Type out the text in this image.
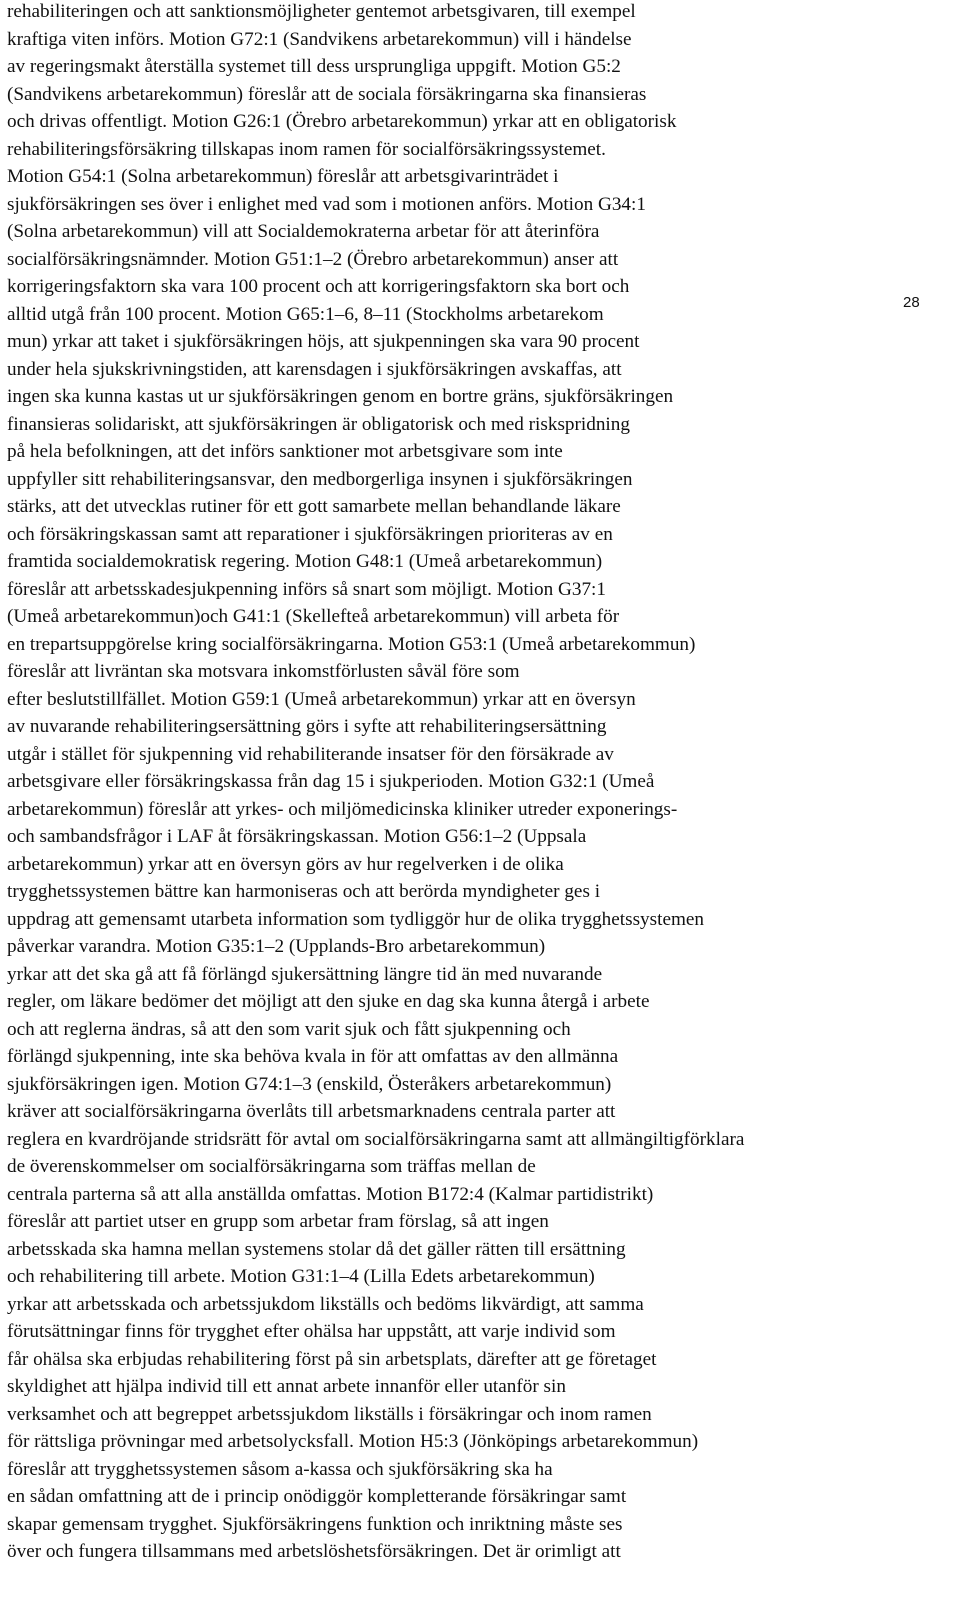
rehabiliteringen och att sanktionsmöjligheter gentemot arbetsgivaren, till exempel
kraftiga viten införs. Motion G72:1 (Sandvikens arbetarekommun) vill i händelse
av regeringsmakt återställa systemet till dess ursprungliga uppgift. Motion G5:2
(Sandvikens arbetarekommun) föreslår att de sociala försäkringarna ska finansieras
och drivas offentligt. Motion G26:1 (Örebro arbetarekommun) yrkar att en obligatorisk
rehabiliteringsförsäkring tillskapas inom ramen för socialförsäkringssystemet.
Motion G54:1 (Solna arbetarekommun) föreslår att arbetsgivarinträdet i
sjukförsäkringen ses över i enlighet med vad som i motionen anförs. Motion G34:1
(Solna arbetarekommun) vill att Socialdemokraterna arbetar för att återinföra
socialförsäkringsnämnder. Motion G51:1–2 (Örebro arbetarekommun) anser att
korrigeringsfaktorn ska vara 100 procent och att korrigeringsfaktorn ska bort och
alltid utgå från 100 procent. Motion G65:1–6, 8–11 (Stockholms arbetarekom
mun) yrkar att taket i sjukförsäkringen höjs, att sjukpenningen ska vara 90 procent
under hela sjukskrivningstiden, att karensdagen i sjukförsäkringen avskaffas, att
ingen ska kunna kastas ut ur sjukförsäkringen genom en bortre gräns, sjukförsäkringen
finansieras solidariskt, att sjukförsäkringen är obligatorisk och med riskspridning
på hela befolkningen, att det införs sanktioner mot arbetsgivare som inte
uppfyller sitt rehabiliteringsansvar, den medborgerliga insynen i sjukförsäkringen
stärks, att det utvecklas rutiner för ett gott samarbete mellan behandlande läkare
och försäkringskassan samt att reparationer i sjukförsäkringen prioriteras av en
framtida socialdemokratisk regering. Motion G48:1 (Umeå arbetarekommun)
föreslår att arbetsskadesjukpenning införs så snart som möjligt. Motion G37:1
(Umeå arbetarekommun)och G41:1 (Skellefteå arbetarekommun) vill arbeta för
en trepartsuppgörelse kring socialförsäkringarna. Motion G53:1 (Umeå arbetarekommun)
föreslår att livräntan ska motsvara inkomstförlusten såväl före som
efter beslutstillfället. Motion G59:1 (Umeå arbetarekommun) yrkar att en översyn
av nuvarande rehabiliteringsersättning görs i syfte att rehabiliteringsersättning
utgår i stället för sjukpenning vid rehabiliterande insatser för den försäkrade av
arbetsgivare eller försäkringskassa från dag 15 i sjukperioden. Motion G32:1 (Umeå
arbetarekommun) föreslår att yrkes- och miljömedicinska kliniker utreder exponerings-
och sambandsfrågor i LAF åt försäkringskassan. Motion G56:1–2 (Uppsala
arbetarekommun) yrkar att en översyn görs av hur regelverken i de olika
trygghetssystemen bättre kan harmoniseras och att berörda myndigheter ges i
uppdrag att gemensamt utarbeta information som tydliggör hur de olika trygghetssystemen
påverkar varandra. Motion G35:1–2 (Upplands-Bro arbetarekommun)
yrkar att det ska gå att få förlängd sjukersättning längre tid än med nuvarande
regler, om läkare bedömer det möjligt att den sjuke en dag ska kunna återgå i arbete
och att reglerna ändras, så att den som varit sjuk och fått sjukpenning och
förlängd sjukpenning, inte ska behöva kvala in för att omfattas av den allmänna
sjukförsäkringen igen. Motion G74:1–3 (enskild, Österåkers arbetarekommun)
kräver att socialförsäkringarna överlåts till arbetsmarknadens centrala parter att
reglera en kvardröjande stridsrätt för avtal om socialförsäkringarna samt att allmängiltigförklara
de överenskommelser om socialförsäkringarna som träffas mellan de
centrala parterna så att alla anställda omfattas. Motion B172:4 (Kalmar partidistrikt)
föreslår att partiet utser en grupp som arbetar fram förslag, så att ingen
arbetsskada ska hamna mellan systemens stolar då det gäller rätten till ersättning
och rehabilitering till arbete. Motion G31:1–4 (Lilla Edets arbetarekommun)
yrkar att arbetsskada och arbetssjukdom likställs och bedöms likvärdigt, att samma
förutsättningar finns för trygghet efter ohälsa har uppstått, att varje individ som
får ohälsa ska erbjudas rehabilitering först på sin arbetsplats, därefter att ge företaget
skyldighet att hjälpa individ till ett annat arbete innanför eller utanför sin
verksamhet och att begreppet arbetssjukdom likställs i försäkringar och inom ramen
för rättsliga prövningar med arbetsolycksfall. Motion H5:3 (Jönköpings arbetarekommun)
föreslår att trygghetssystemen såsom a-kassa och sjukförsäkring ska ha
en sådan omfattning att de i princip onödiggör kompletterande försäkringar samt
skapar gemensam trygghet. Sjukförsäkringens funktion och inriktning måste ses
över och fungera tillsammans med arbetslöshetsförsäkringen. Det är orimligt att
28
